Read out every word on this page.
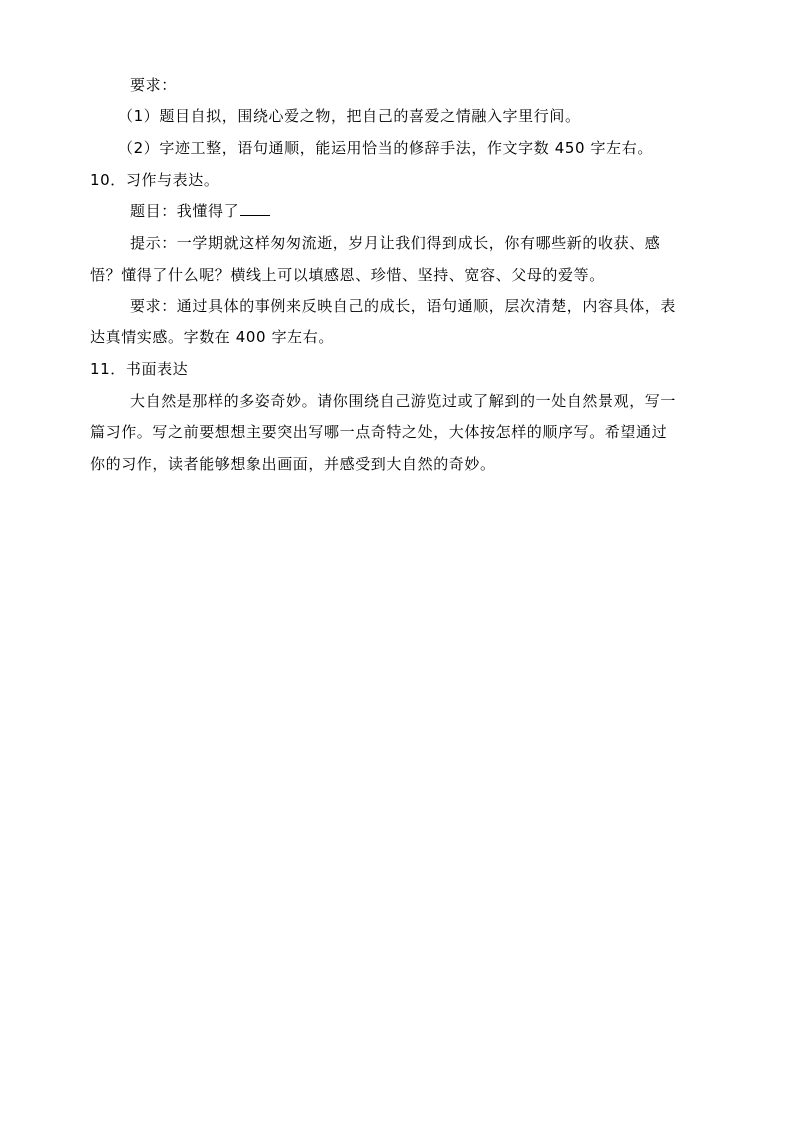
要求：
（1）题目自拟，围绕心爱之物，把自己的喜爱之情融入字里行间。
（2）字迹工整，语句通顺，能运用恰当的修辞手法，作文字数 450 字左右。
10．习作与表达。
题目：我懂得了
提示：一学期就这样匆匆流逝，岁月让我们得到成长，你有哪些新的收获、感
悟？懂得了什么呢？横线上可以填感恩、珍惜、坚持、宽容、父母的爱等。
要求：通过具体的事例来反映自己的成长，语句通顺，层次清楚，内容具体，表
达真情实感。字数在 400 字左右。
11．书面表达
大自然是那样的多姿奇妙。请你围绕自己游览过或了解到的一处自然景观，写一
篇习作。写之前要想想主要突出写哪一点奇特之处，大体按怎样的顺序写。希望通过
你的习作，读者能够想象出画面，并感受到大自然的奇妙。
